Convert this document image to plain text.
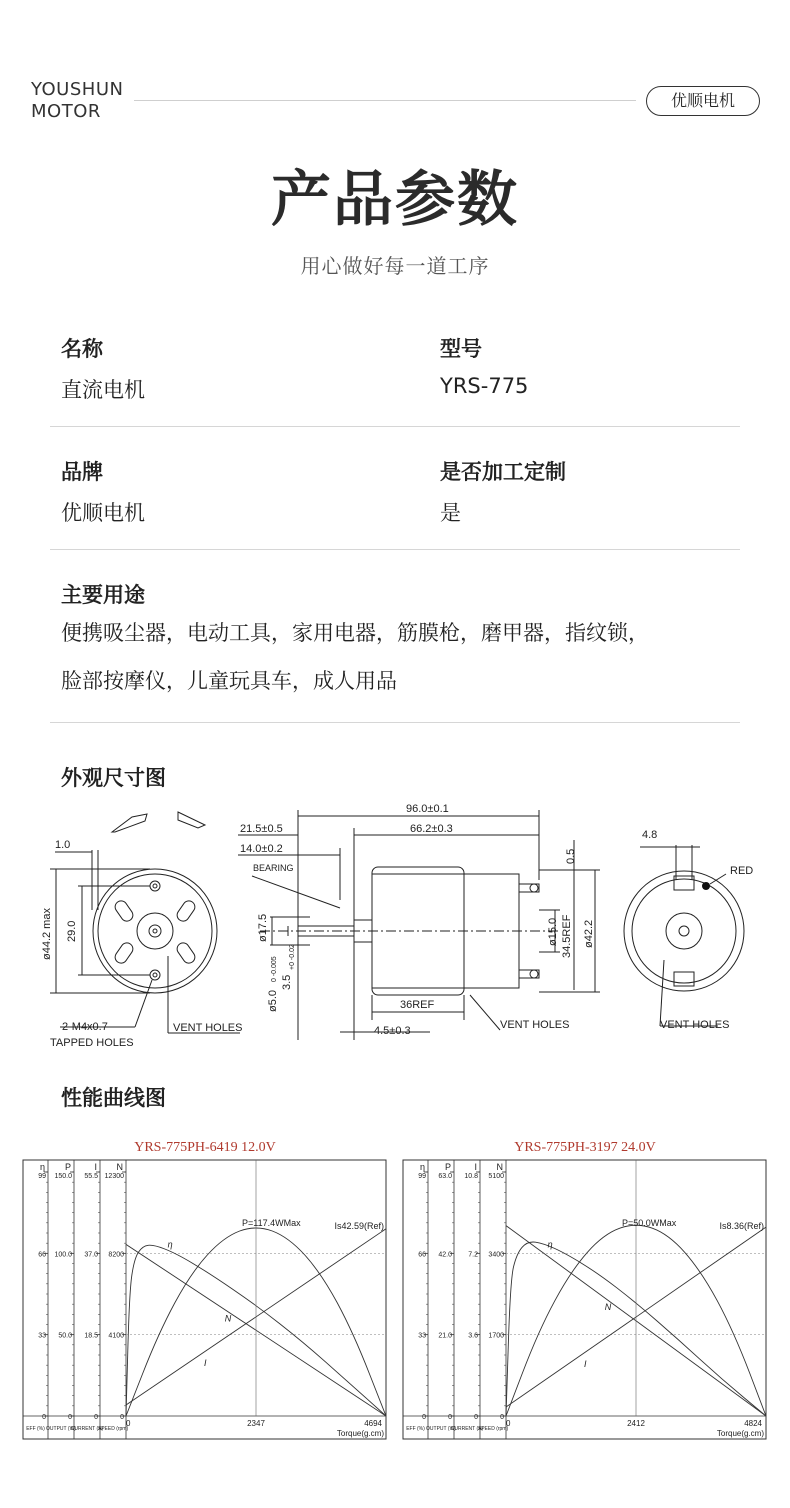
YOUSHUN
MOTOR
优顺电机
产品参数
用心做好每一道工序
名称
直流电机
型号
YRS-775
品牌
优顺电机
是否加工定制
是
主要用途
便携吸尘器，电动工具，家用电器，筋膜枪，磨甲器，指纹锁，
脸部按摩仪，儿童玩具车，成人用品
外观尺寸图
1.0
ø44.2 max 29.0
2-M4x0.7
TAPPED HOLES
VENT HOLES
96.0±0.1
21.5±0.5	66.2±0.3
14.0±0.2
BEARING
ø17.5
ø5.0
0 -0.005
3.5
+0 -0.02
36REF
4.5±0.3
0.5
ø15.0 34.5REF ø42.2
VENT HOLES
4.8
RED
VENT HOLES
性能曲线图
YRS-775PH-6419 12.0V
η
99
66
33
0
EFF (%)
P
150.0
100.0
50.0
0
OUTPUT (W)
I
55.5
37.0
18.5
0
CURRENT (A)
N
12300
8200
4100
0
SPEED (rpm)
0	2347	4694
Torque(g.cm)
N
I
η
P=117.4WMax	Is42.59(Ref)
YRS-775PH-3197 24.0V
η
99
66
33
0
EFF (%)
P
63.0
42.0
21.0
0
OUTPUT (W)
I
10.8
7.2
3.6
0
CURRENT (A)
N
5100
3400
1700
0
SPEED (rpm)
0	2412	4824
Torque(g.cm)
N
I
η
P=50.0WMax	Is8.36(Ref)
